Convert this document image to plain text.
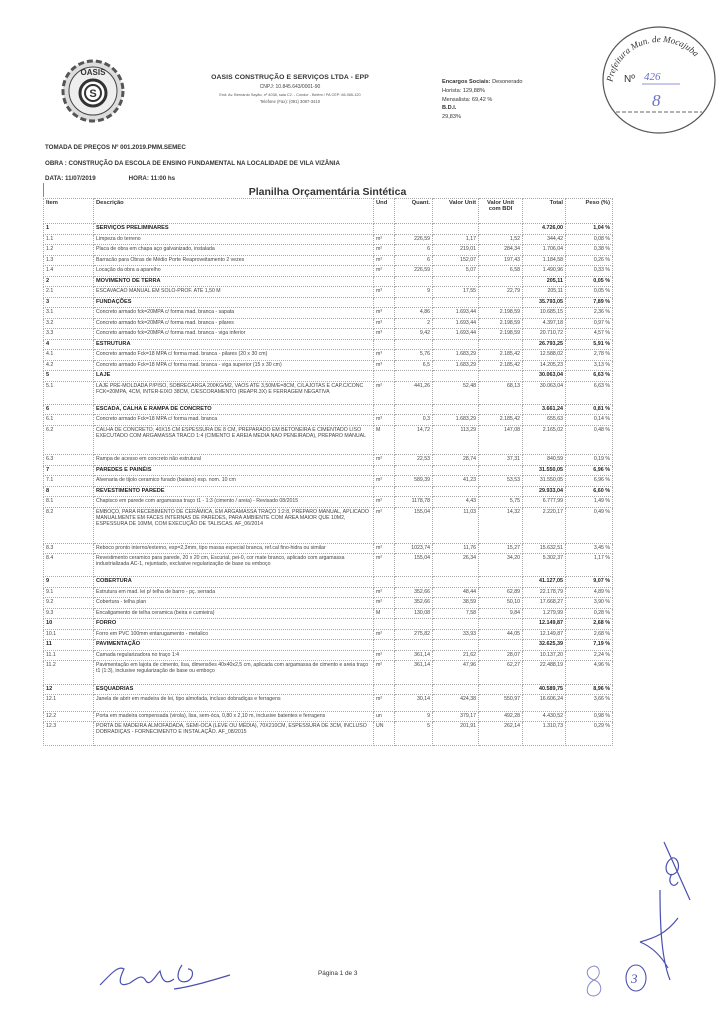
S
OASIS
OASIS CONSTRUÇÃO E SERVIÇOS LTDA - EPP
CNPJ: 10.845.643/0001-90
End: Av. Bernardo Sayão, nº 4038, sala C2. - Condor - Belém / PA CEP: 66.065-120
Telefone (Fax): (091) 3087-3410
Encargos Sociais: Desonerado
Horista: 129,88%
Mensalista: 69,42 %
B.D.I.
29,83%
Prefeitura Mun. de Mocajuba
Nº 426
8
TOMADA DE PREÇOS Nº 001.2019.PMM.SEMEC
OBRA : CONSTRUÇÃO DA ESCOLA DE ENSINO FUNDAMENTAL NA LOCALIDADE DE VILA VIZÂNIA
DATA: 11/07/2019	HORA: 11:00 hs
Planilha Orçamentária Sintética
Item	Descrição	Und	Quant.	Valor Unit	Valor Unit com BDI	Total	Peso (%)
1	SERVIÇOS PRELIMINARES					4.726,00	1,04 %
1.1	Limpeza do terreno	m²	226,59	1,17	1,52	344,42	0,08 %
1.2	Placa de obra em chapa aço galvanizado, instalada	m²	6	219,01	284,34	1.706,04	0,38 %
1.3	Barracão para Obras de Médio Porte Reaproveitamento 2 vezes	m²	6	152,07	197,43	1.184,58	0,26 %
1.4	Locação da obra a aparelho	m²	226,59	5,07	6,58	1.490,96	0,33 %
2	MOVIMENTO DE TERRA					205,11	0,05 %
2.1	ESCAVACAO MANUAL EM SOLO-PROF. ATE 1,50 M	m³	9	17,55	22,79	205,11	0,05 %
3	FUNDAÇÕES					35.793,05	7,89 %
3.1	Concreto armado fck=20MPA c/ forma mad. branca - sapata	m³	4,86	1.693,44	2.198,59	10.685,15	2,36 %
3.2	Concreto armado fck=20MPA c/ forma mad. branca - pilares	m³	2	1.693,44	2.198,59	4.397,18	0,97 %
3.3	Concreto armado fck=20MPA c/ forma mad. branca - viga inferior	m³	9,42	1.693,44	2.198,59	20.710,72	4,57 %
4	ESTRUTURA					26.793,25	5,91 %
4.1	Concreto armado Fck=18 MPA c/ forma mad. branca - pilares (20 x 30 cm)	m³	5,76	1.683,29	2.185,42	12.588,02	2,78 %
4.2	Concreto armado Fck=18 MPA c/ forma mad. branca - viga superior (15 x 30 cm)	m³	6,5	1.683,29	2.185,42	14.205,23	3,13 %
5	LAJE					30.063,04	6,63 %
5.1	LAJE PRE-MOLDADA P/PISO, SOBRECARGA 200KG/M2, VAOS ATE 3,50M/E=8CM, C/LAJOTAS E CAP.C/CONC FCK=20MPA, 4CM, INTER-EIXO 38CM, C/ESCORAMENTO (REAPR.3X) E FERRAGEM NEGATIVA	m²	441,26	52,48	68,13	30.063,04	6,63 %
6	ESCADA, CALHA E RAMPA DE CONCRETO					3.661,24	0,81 %
6.1	Concreto armado Fck=18 MPA c/ forma mad. branca	m³	0,3	1.683,29	2.185,42	655,63	0,14 %
6.2	CALHA DE CONCRETO, 40X15 CM ESPESSURA DE 8 CM, PREPARADO EM BETONEIRA E CIMENTADO LISO EXECUTADO COM ARGAMASSA TRACO 1:4 (CIMENTO E AREIA MEDIA NAO PENEIRADA), PREPARO MANUAL	M	14,72	113,29	147,08	2.165,02	0,48 %
6.3	Rampa de acesso em concreto não estrutural	m²	22,53	28,74	37,31	840,59	0,19 %
7	PAREDES E PAINÉIS					31.550,05	6,96 %
7.1	Alvenaria de tijolo ceramico furado (baiano) esp. nom. 10 cm	m²	589,39	41,23	53,53	31.550,05	6,96 %
8	REVESTIMENTO PAREDE					29.933,04	6,60 %
8.1	Chapisco em parede com argamassa traço t1 - 1:3 (cimento / areia) - Revisado 08/2015	m²	1178,78	4,43	5,75	6.777,99	1,49 %
8.2	EMBOÇO, PARA RECEBIMENTO DE CERÂMICA, EM ARGAMASSA TRAÇO 1:2:8, PREPARO MANUAL, APLICADO MANUALMENTE EM FACES INTERNAS DE PAREDES, PARA AMBIENTE COM ÁREA MAIOR QUE 10M2, ESPESSURA DE 10MM, COM EXECUÇÃO DE TALISCAS. AF_06/2014	m²	155,04	11,03	14,32	2.220,17	0,49 %
8.3	Reboco pronto interno/externo, esp=2,3mm, tipo massa especial branca, ref.cal fino-hidra ou similar	m²	1023,74	11,76	15,27	15.632,51	3,45 %
8.4	Revestimento ceramico para parede, 20 x 20 cm, Escurial, pei-0, cor mate branco, aplicado com argamassa industrializada AC-1, rejuntado, exclusive regularização de base ou emboço	m²	155,04	26,34	34,20	5.302,37	1,17 %
9	COBERTURA					41.127,05	9,07 %
9.1	Estrutura em mad. lei p/ telha de barro - pç. serrada	m²	352,66	48,44	62,89	22.178,79	4,89 %
9.2	Cobertura - telha plan	m²	352,66	38,59	50,10	17.668,27	3,90 %
9.3	Encaligamento de telha ceramica (beira e cumieira)	M	130,08	7,58	9,84	1.279,99	0,28 %
10	FORRO					12.149,87	2,68 %
10.1	Forro em PVC 100mm entarugamento - metalico	m²	275,82	33,93	44,05	12.149,87	2,68 %
11	PAVIMENTAÇÃO					32.625,39	7,19 %
11.1	Camada regularizadora no traço 1:4	m²	361,14	21,62	28,07	10.137,20	2,24 %
11.2	Pavimentação em lajota de cimento, lisa, dimensões 40x40x2,5 cm, aplicada com argamassa de cimento e areia traço t1 (1:3), inclusive regularização de base ou emboço	m²	361,14	47,96	62,27	22.488,19	4,96 %
12	ESQUADRIAS					40.589,75	8,96 %
12.1	Janela de abrir em madeira de lei, tipo almofada, incluso dobradiças e ferragens	m²	30,14	424,38	550,97	16.606,24	3,66 %
12.2	Porta em madeira compensada (virola), lisa, sem-óca, 0,80 x 2,10 m, inclusive batentes e ferragens	un	9	379,17	492,28	4.430,52	0,98 %
12.3	PORTA DE MADEIRA ALMOFADADA, SEMI-OCA (LEVE OU MÉDIA), 70X210CM, ESPESSURA DE 3CM, INCLUSO DOBRADIÇAS - FORNECIMENTO E INSTALAÇÃO. AF_08/2015	UN	5	201,91	262,14	1.310,73	0,29 %
Página 1 de 3	3
